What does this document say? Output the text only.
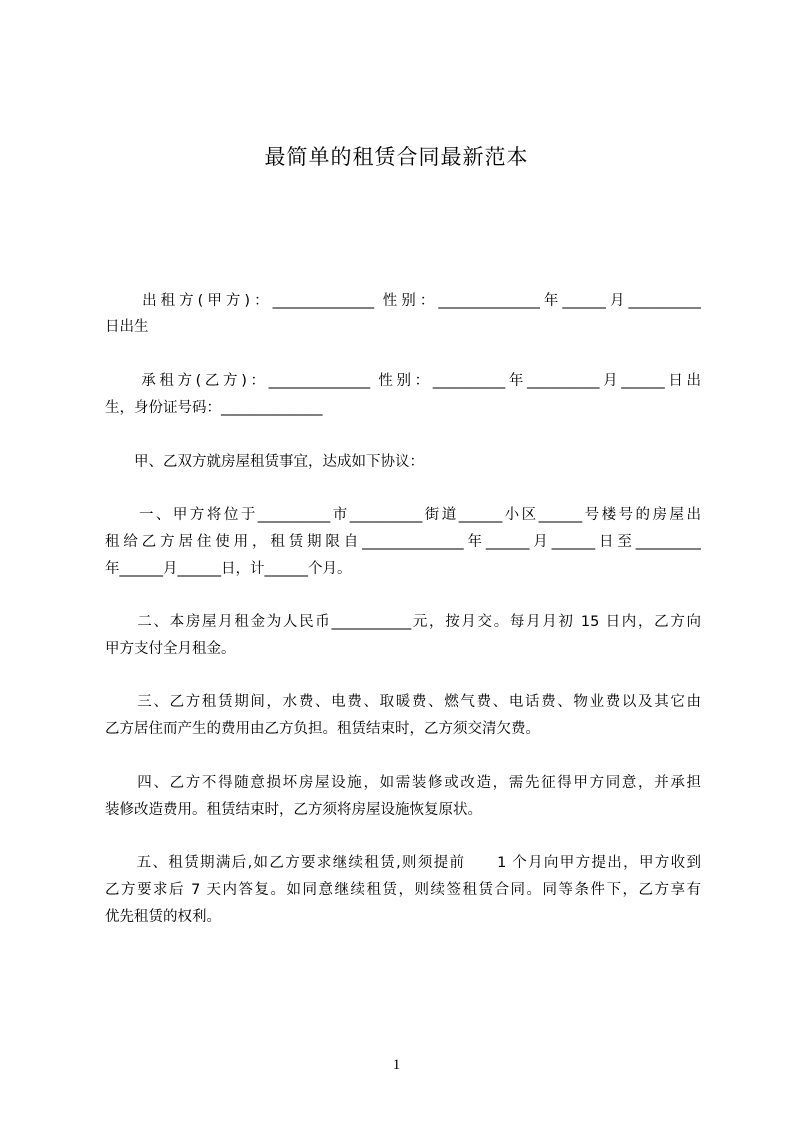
最简单的租赁合同最新范本
　　出租方(甲方)：______________ 性别：______________年______月__________
日出生
　　承租方(乙方)：______________ 性别：__________年__________月______日出
生，身份证号码：______________
　　甲、乙双方就房屋租赁事宜，达成如下协议：
　　一、甲方将位于__________市__________街道______小区______号楼号的房屋出
租给乙方居住使用，租赁期限自______________年______月______日至_________
年______月______日，计______个月。
　　二、本房屋月租金为人民币___________元，按月交。每月月初 15 日内，乙方向
甲方支付全月租金。
　　三、乙方租赁期间，水费、电费、取暖费、燃气费、电话费、物业费以及其它由
乙方居住而产生的费用由乙方负担。租赁结束时，乙方须交清欠费。
　　四、乙方不得随意损坏房屋设施，如需装修或改造，需先征得甲方同意，并承担
装修改造费用。租赁结束时，乙方须将房屋设施恢复原状。
　　五、租赁期满后,如乙方要求继续租赁,则须提前　　1 个月向甲方提出，甲方收到
乙方要求后 7 天内答复。如同意继续租赁，则续签租赁合同。同等条件下，乙方享有
优先租赁的权利。
1
